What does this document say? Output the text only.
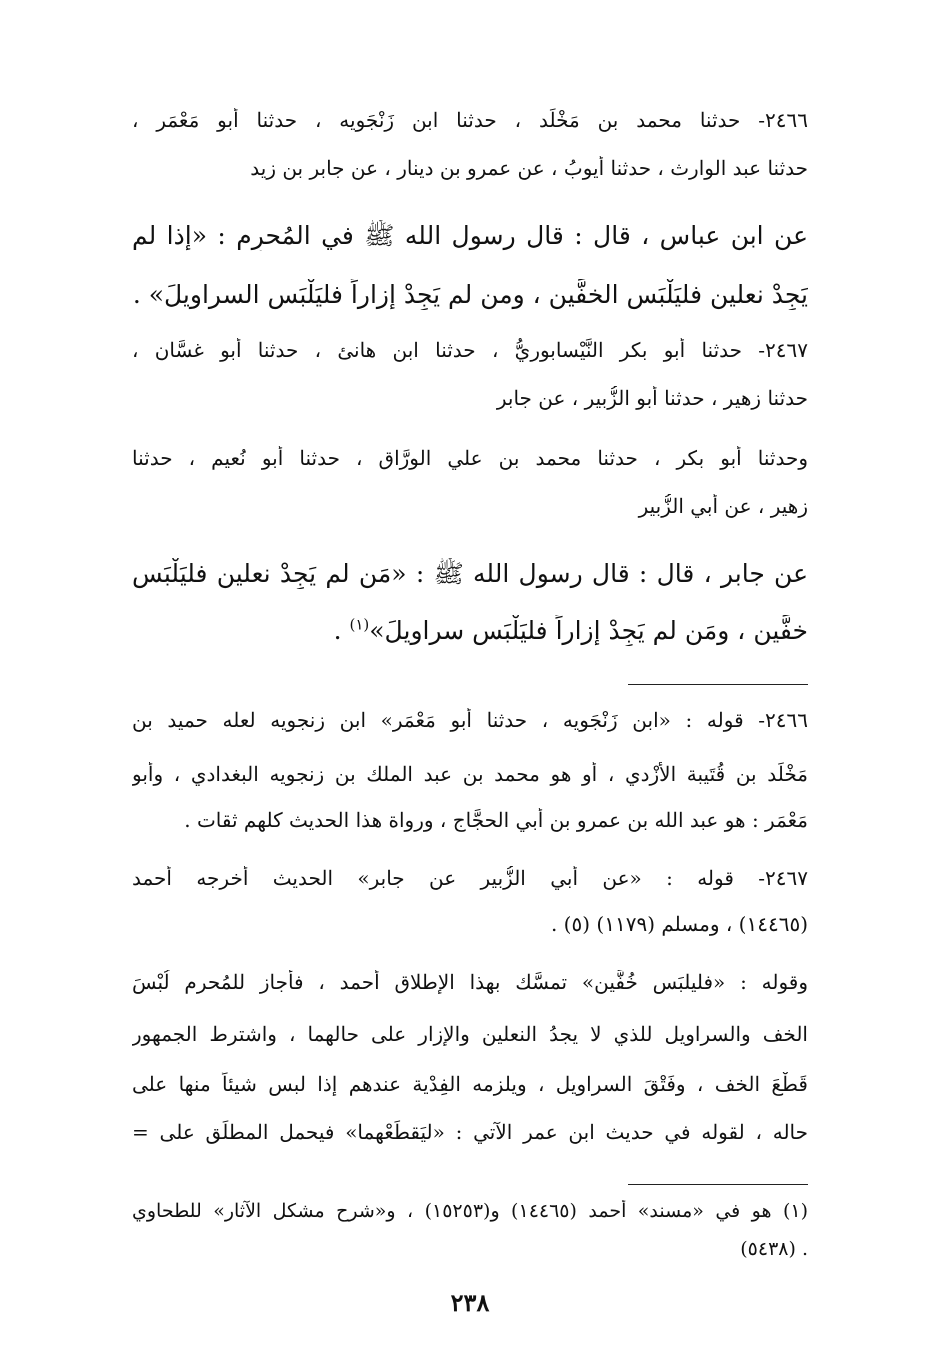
٢٤٦٦- حدثنا محمد بن مَخْلَد ، حدثنا ابن زَنْجَويه ، حدثنا أبو مَعْمَر ،
حدثنا عبد الوارث ، حدثنا أيوبُ ، عن عمرو بن دينار ، عن جابر بن زيد
عن ابن عباس ، قال : قال رسول الله ﷺ في المُحرِم : «إذا لم
يَجِدْ نعلينِ فليَلْبَس الخفَّين ، ومن لم يَجِدْ إزاراً فليَلْبَس السراويلَ» .
٢٤٦٧- حدثنا أبو بكر النَّيْسابوريُّ ، حدثنا ابن هانئ ، حدثنا أبو غسَّان ،
حدثنا زهير ، حدثنا أبو الزُّبير ، عن جابر
وحدثنا أبو بكر ، حدثنا محمد بن علي الورَّاق ، حدثنا أبو نُعيم ، حدثنا
زهير ، عن أبي الزُّبير
عن جابر ، قال : قال رسول الله ﷺ : «مَن لم يَجِدْ نعلينِ فليَلْبَس
خفَّين ، ومَن لم يَجِدْ إزاراً فليَلْبَس سراويلَ»$^{(١)}$ .
٢٤٦٦- قوله : «ابن زَنْجَويه ، حدثنا أبو مَعْمَر» ابن زنجويه لعله حميد بن
مَخْلَد بن قُتَيبة الأَزْدي ، أو هو محمد بن عبد الملك بن زنجويه البغدادي ، وأبو
مَعْمَر : هو عبد الله بن عمرو بن أبي الحجَّاج ، ورواة هذا الحديث كلهم ثقات .
٢٤٦٧- قوله : «عن أبي الزُّبير عن جابر» الحديث أخرجه أحمد
(١٤٤٦٥) ، ومسلم (١١٧٩) (٥) .
وقوله : «فليلبَس خُفَّين» تمسَّك بهذا الإطلاق أحمد ، فأجاز للمُحرم لُبْسَ
الخف والسراويل للذي لا يجدُ النعلين والإزار على حالهما ، واشترط الجمهور
قَطْعَ الخف ، وفَتْقَ السراويل ، ويلزمه الفِدْية عندهم إذا لبس شيئاً منها على
حاله ، لقوله في حديث ابن عمر الآتي : «ليَقطَعْهما» فيحمل المطلَق على =
(١) هو في «مسند» أحمد (١٤٤٦٥) و(١٥٢٥٣) ، و«شرح مشكل الآثار» للطحاوي
(٥٤٣٨) .
٢٣٨
